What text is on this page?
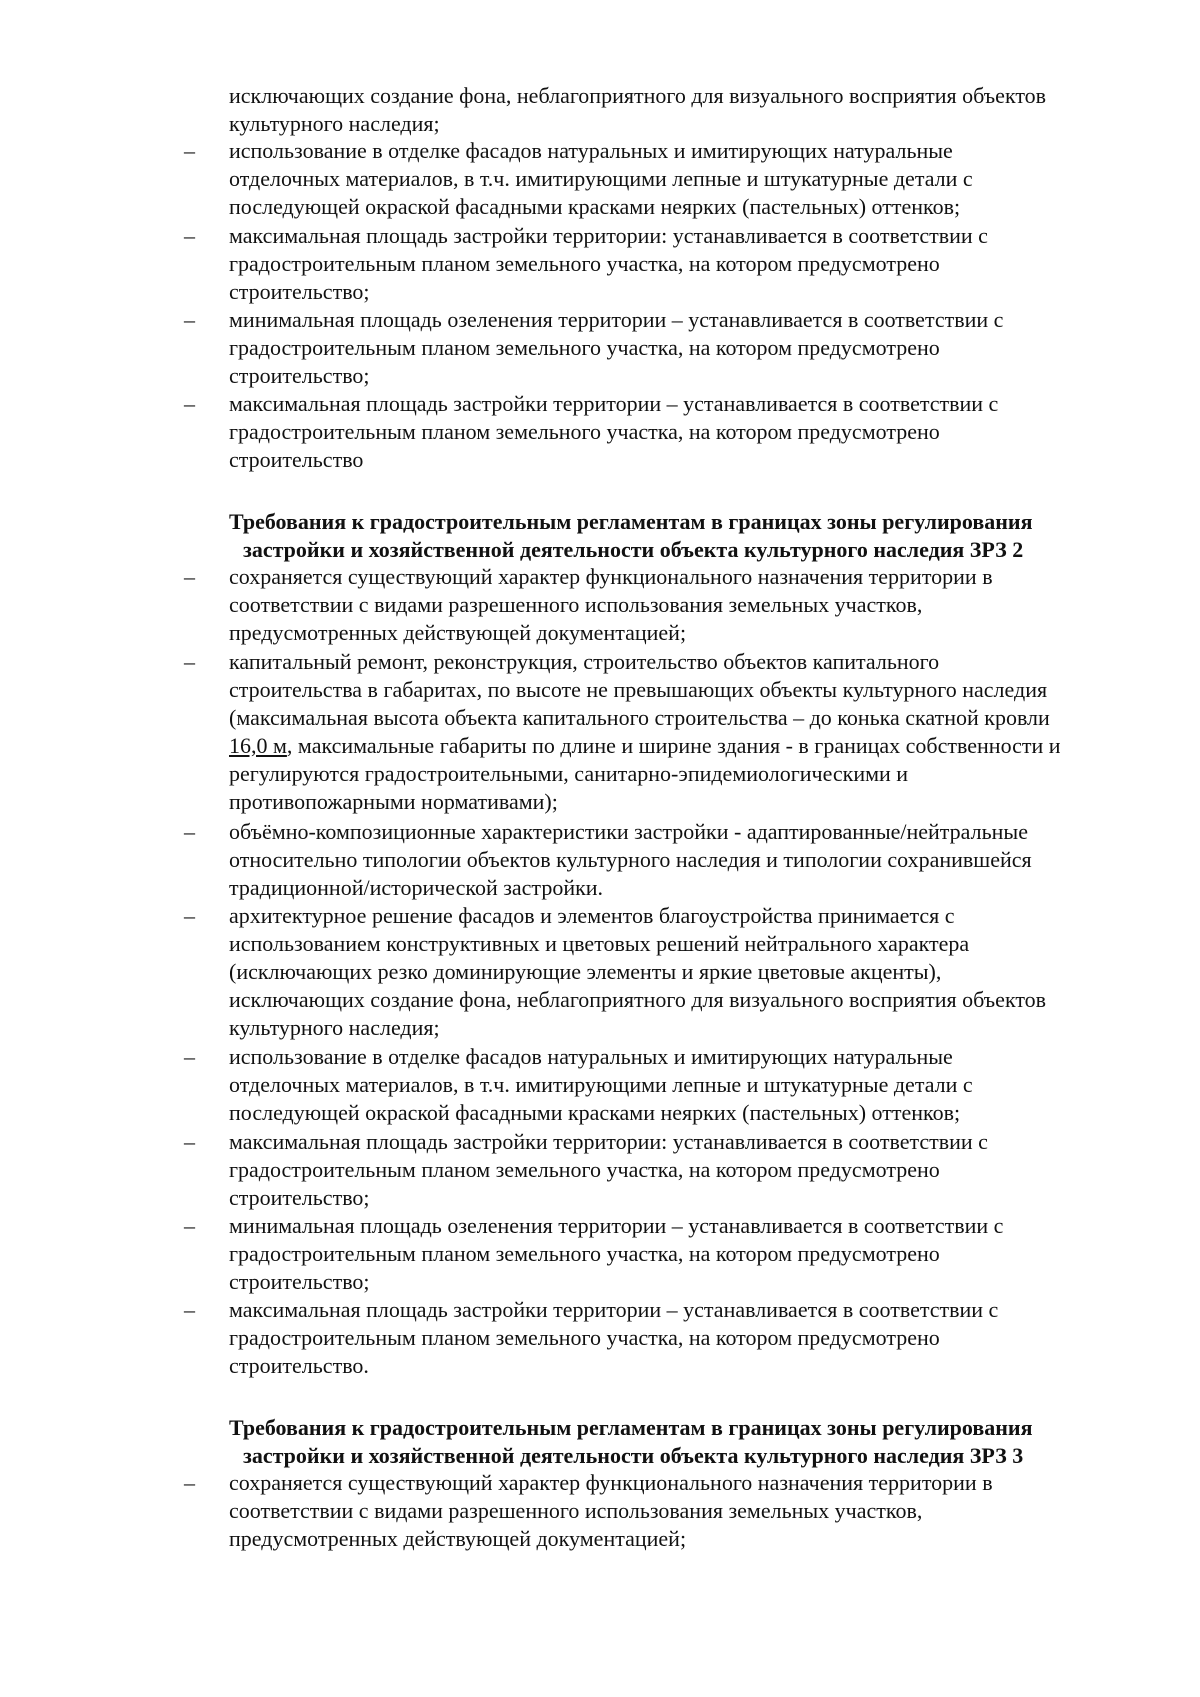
исключающих создание фона, неблагоприятного для визуального восприятия объектов
культурного наследия;
– использование в отделке фасадов натуральных и имитирующих натуральные
отделочных материалов, в т.ч. имитирующими лепные и штукатурные детали с
последующей окраской фасадными красками неярких (пастельных) оттенков;
– максимальная площадь застройки территории: устанавливается в соответствии с
градостроительным планом земельного участка, на котором предусмотрено
строительство;
– минимальная площадь озеленения территории – устанавливается в соответствии с
градостроительным планом земельного участка, на котором предусмотрено
строительство;
– максимальная площадь застройки территории – устанавливается в соответствии с
градостроительным планом земельного участка, на котором предусмотрено
строительство
Требования к градостроительным регламентам в границах зоны регулирования
застройки и хозяйственной деятельности объекта культурного наследия ЗРЗ 2
– сохраняется существующий характер функционального назначения территории в
соответствии с видами разрешенного использования земельных участков,
предусмотренных действующей документацией;
– капитальный ремонт, реконструкция, строительство объектов капитального
строительства в габаритах, по высоте не превышающих объекты культурного наследия
(максимальная высота объекта капитального строительства – до конька скатной кровли
16,0 м, максимальные габариты по длине и ширине здания - в границах собственности и
регулируются градостроительными, санитарно-эпидемиологическими и
противопожарными нормативами);
– объёмно-композиционные характеристики застройки - адаптированные/нейтральные
относительно типологии объектов культурного наследия и типологии сохранившейся
традиционной/исторической застройки.
– архитектурное решение фасадов и элементов благоустройства принимается с
использованием конструктивных и цветовых решений нейтрального характера
(исключающих резко доминирующие элементы и яркие цветовые акценты),
исключающих создание фона, неблагоприятного для визуального восприятия объектов
культурного наследия;
– использование в отделке фасадов натуральных и имитирующих натуральные
отделочных материалов, в т.ч. имитирующими лепные и штукатурные детали с
последующей окраской фасадными красками неярких (пастельных) оттенков;
– максимальная площадь застройки территории: устанавливается в соответствии с
градостроительным планом земельного участка, на котором предусмотрено
строительство;
– минимальная площадь озеленения территории – устанавливается в соответствии с
градостроительным планом земельного участка, на котором предусмотрено
строительство;
– максимальная площадь застройки территории – устанавливается в соответствии с
градостроительным планом земельного участка, на котором предусмотрено
строительство.
Требования к градостроительным регламентам в границах зоны регулирования
застройки и хозяйственной деятельности объекта культурного наследия ЗРЗ 3
– сохраняется существующий характер функционального назначения территории в
соответствии с видами разрешенного использования земельных участков,
предусмотренных действующей документацией;
